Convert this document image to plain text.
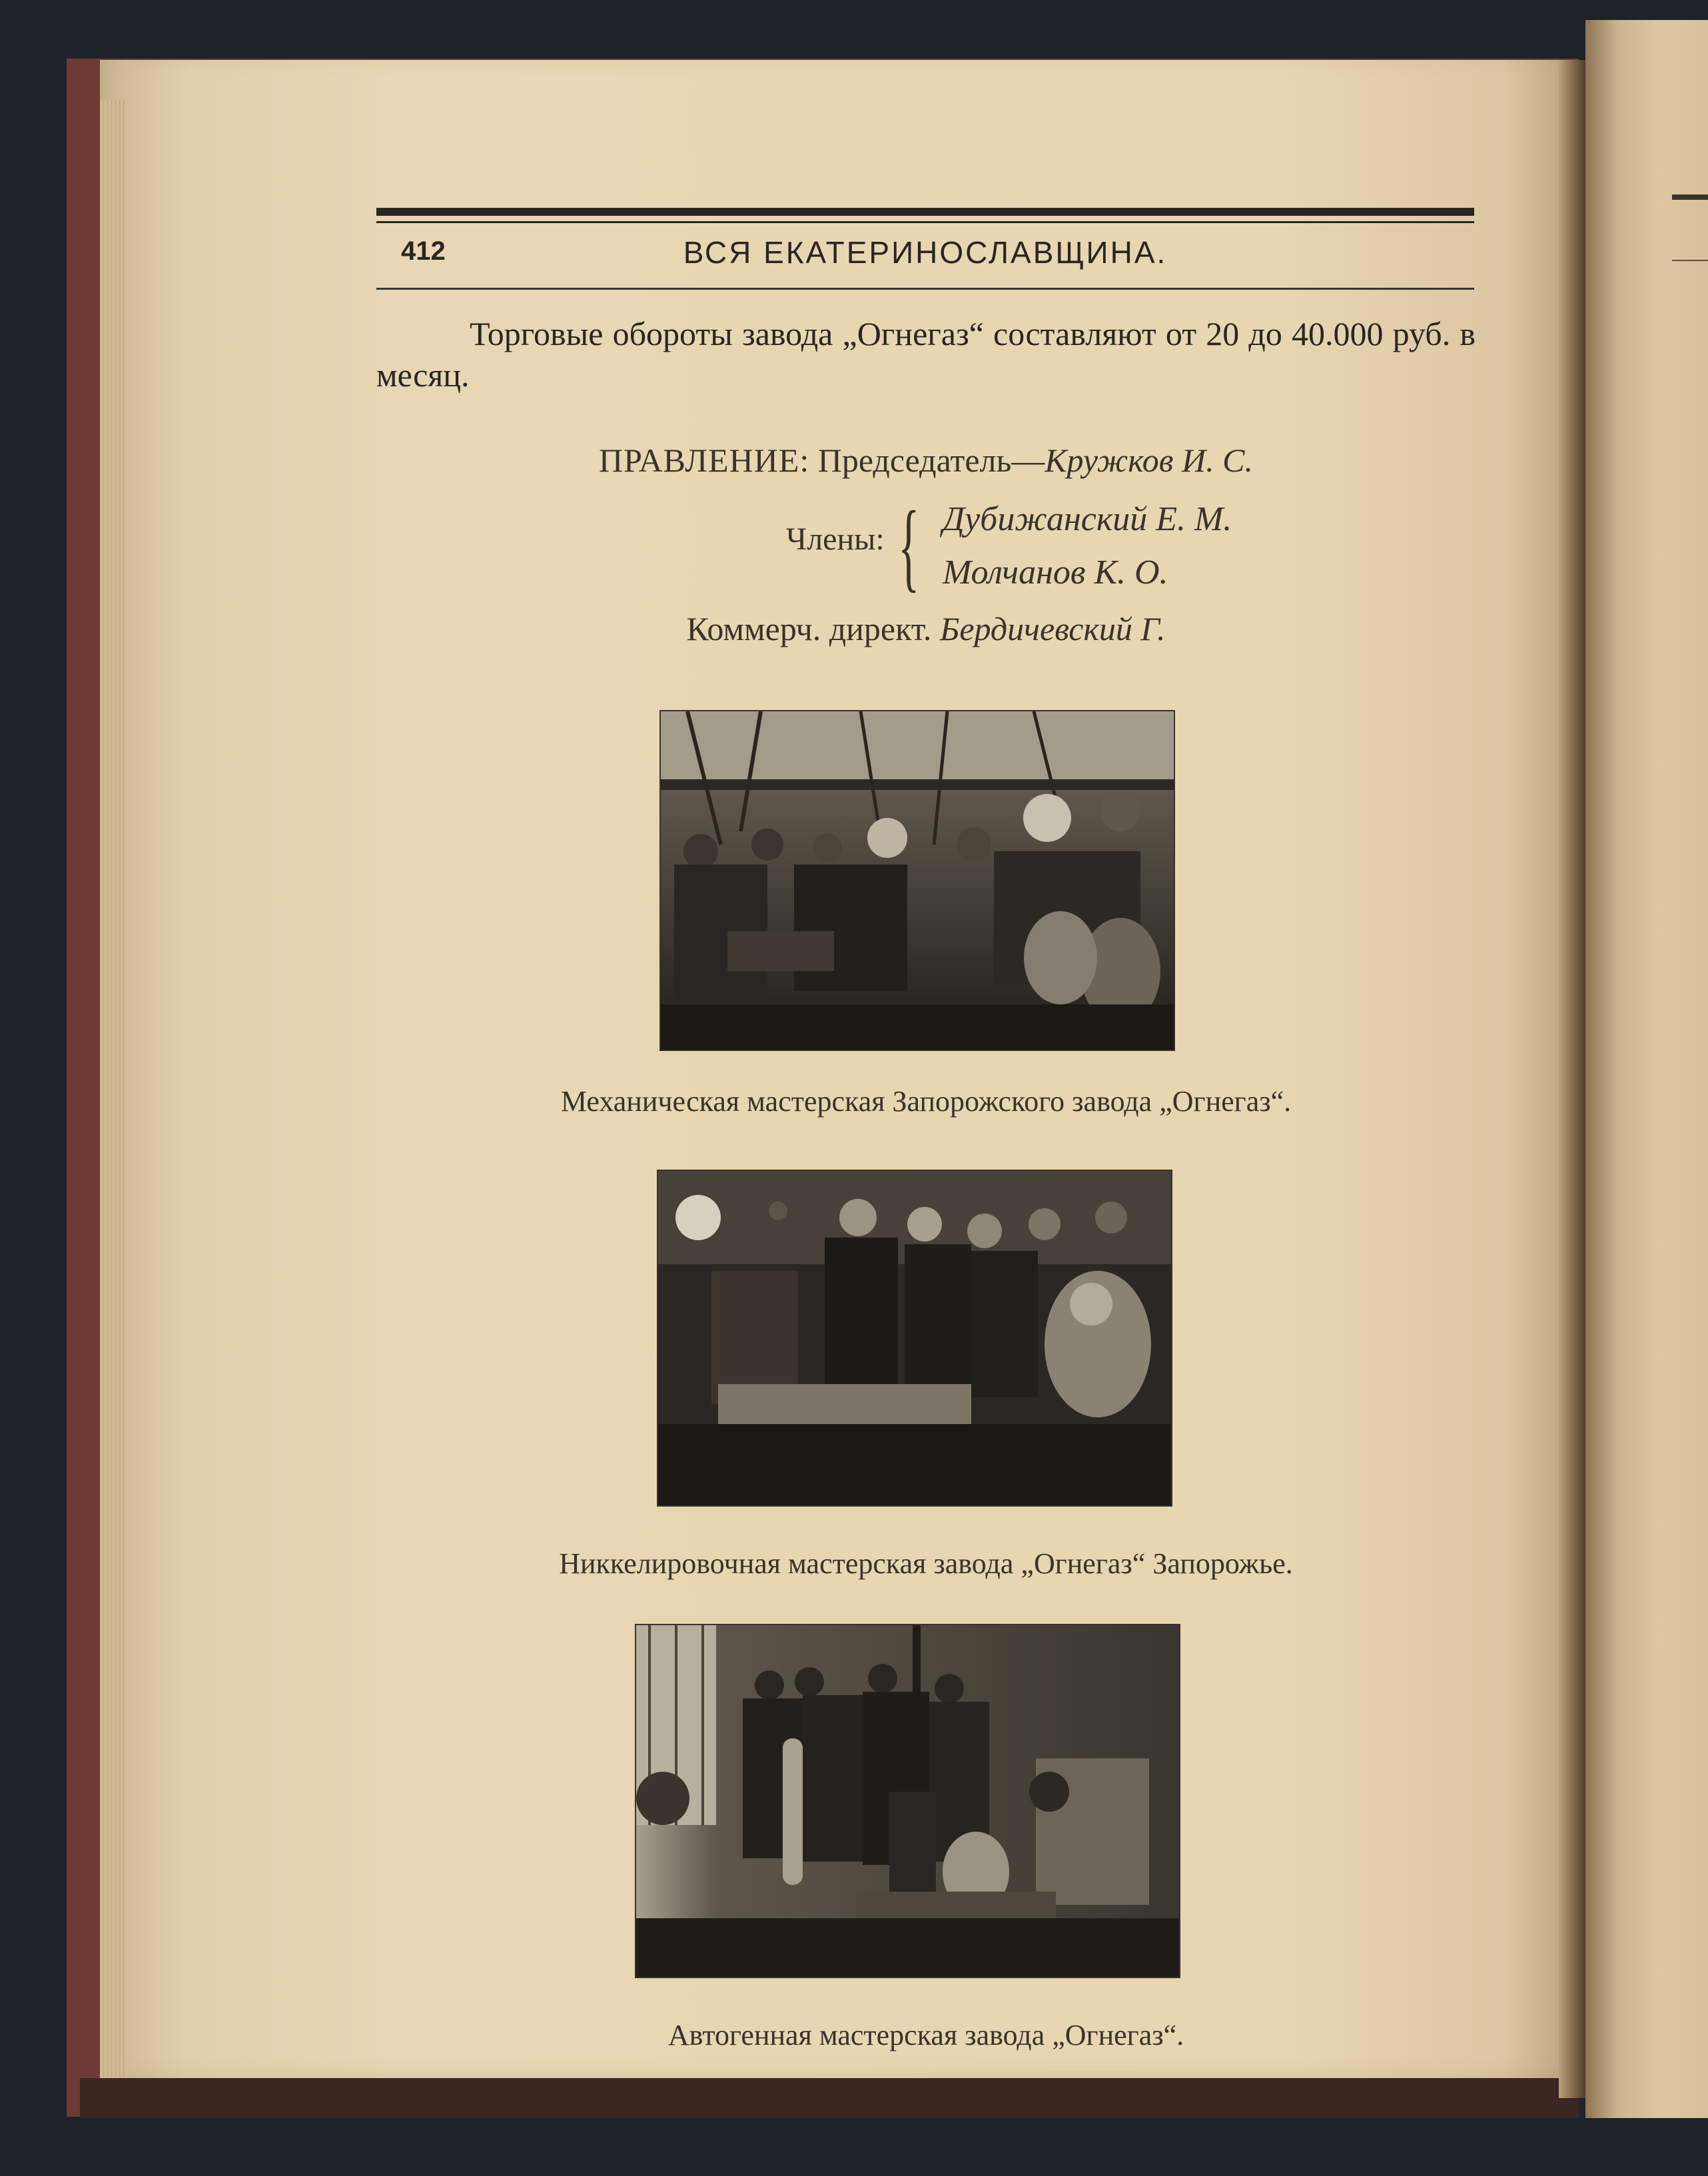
412	ВСЯ ЕКАТЕРИНОСЛАВЩИНА.

Торговые обороты завода „Огнегаз“ составляют от 20 до 40.000 руб. в месяц.

ПРАВЛЕНИЕ: Председатель—Кружков И. С.
Члены: { Дубижанский Е. М.
Молчанов К. О.
Коммерч. директ. Бердичевский Г.
Механическая мастерская Запорожского завода „Огнегаз“.
Никкелировочная мастерская завода „Огнегаз“ Запорожье.
Автогенная мастерская завода „Огнегаз“.
